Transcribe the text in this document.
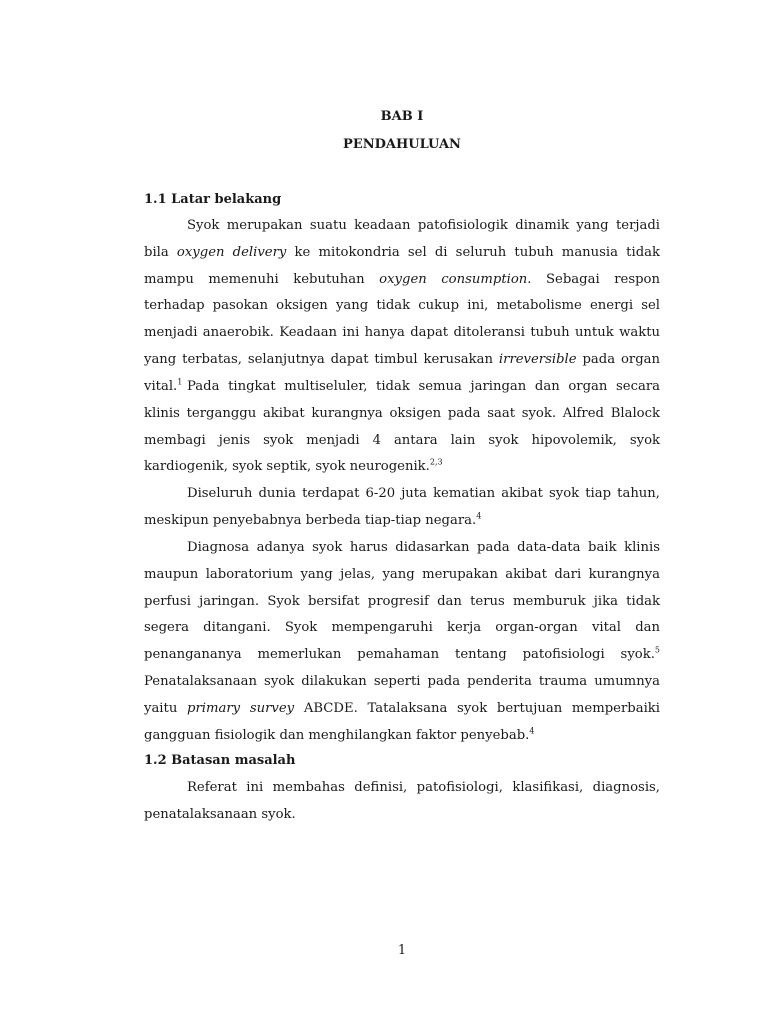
BAB I
PENDAHULUAN
1.1 Latar belakang

Syok merupakan suatu keadaan patofisiologik dinamik yang terjadi bila oxygen delivery ke mitokondria sel di seluruh tubuh manusia tidak mampu memenuhi kebutuhan oxygen consumption. Sebagai respon terhadap pasokan oksigen yang tidak cukup ini, metabolisme energi sel menjadi anaerobik. Keadaan ini hanya dapat ditoleransi tubuh untuk waktu yang terbatas, selanjutnya dapat timbul kerusakan irreversible pada organ vital.$^1$ Pada tingkat multiseluler, tidak semua jaringan dan organ secara klinis terganggu akibat kurangnya oksigen pada saat syok. Alfred Blalock membagi jenis syok menjadi 4 antara lain syok hipovolemik, syok kardiogenik, syok septik, syok neurogenik.$^{2,3}$

Diseluruh dunia terdapat 6-20 juta kematian akibat syok tiap tahun, meskipun penyebabnya berbeda tiap-tiap negara.$^4$

Diagnosa adanya syok harus didasarkan pada data-data baik klinis maupun laboratorium yang jelas, yang merupakan akibat dari kurangnya perfusi jaringan. Syok bersifat progresif dan terus memburuk jika tidak segera ditangani. Syok mempengaruhi kerja organ-organ vital dan penangananya memerlukan pemahaman tentang patofisiologi syok.$^5$ Penatalaksanaan syok dilakukan seperti pada penderita trauma umumnya yaitu primary survey ABCDE. Tatalaksana syok bertujuan memperbaiki gangguan fisiologik dan menghilangkan faktor penyebab.$^4$

1.2 Batasan masalah

Referat ini membahas definisi, patofisiologi, klasifikasi, diagnosis, penatalaksanaan syok.

1
